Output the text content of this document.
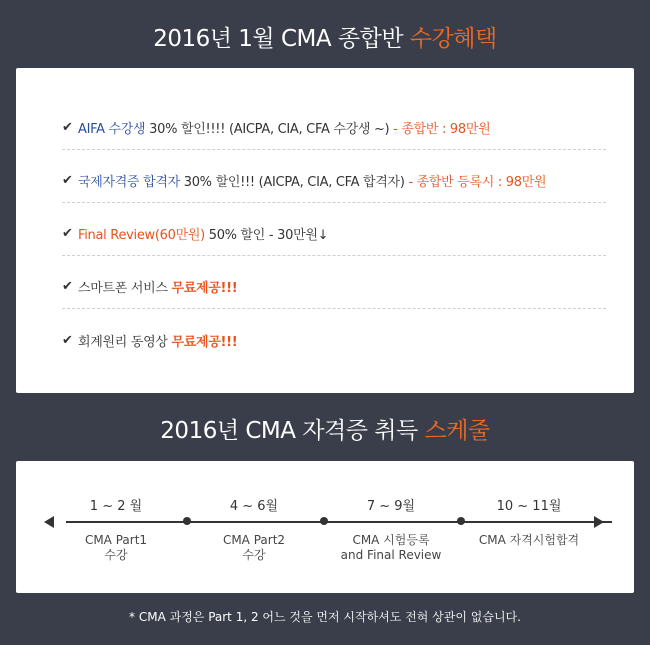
2016년 1월 CMA 종합반 수강혜택
✔ AIFA 수강생 30% 할인!!!! (AICPA, CIA, CFA 수강생 ~) - 종합반 : 98만원
✔ 국제자격증 합격자 30% 할인!!! (AICPA, CIA, CFA 합격자) - 종합반 등록시 : 98만원
✔ Final Review(60만원) 50% 할인 - 30만원↓
✔ 스마트폰 서비스 무료제공!!!
✔ 회계원리 동영상 무료제공!!!
2016년 CMA 자격증 취득 스케줄
1 ~ 2 월
CMA Part1
수강
4 ~ 6월
CMA Part2
수강
7 ~ 9월
CMA 시험등록
and Final Review
10 ~ 11월
CMA 자격시험합격
* CMA 과정은 Part 1, 2 어느 것을 먼저 시작하셔도 전혀 상관이 없습니다.
